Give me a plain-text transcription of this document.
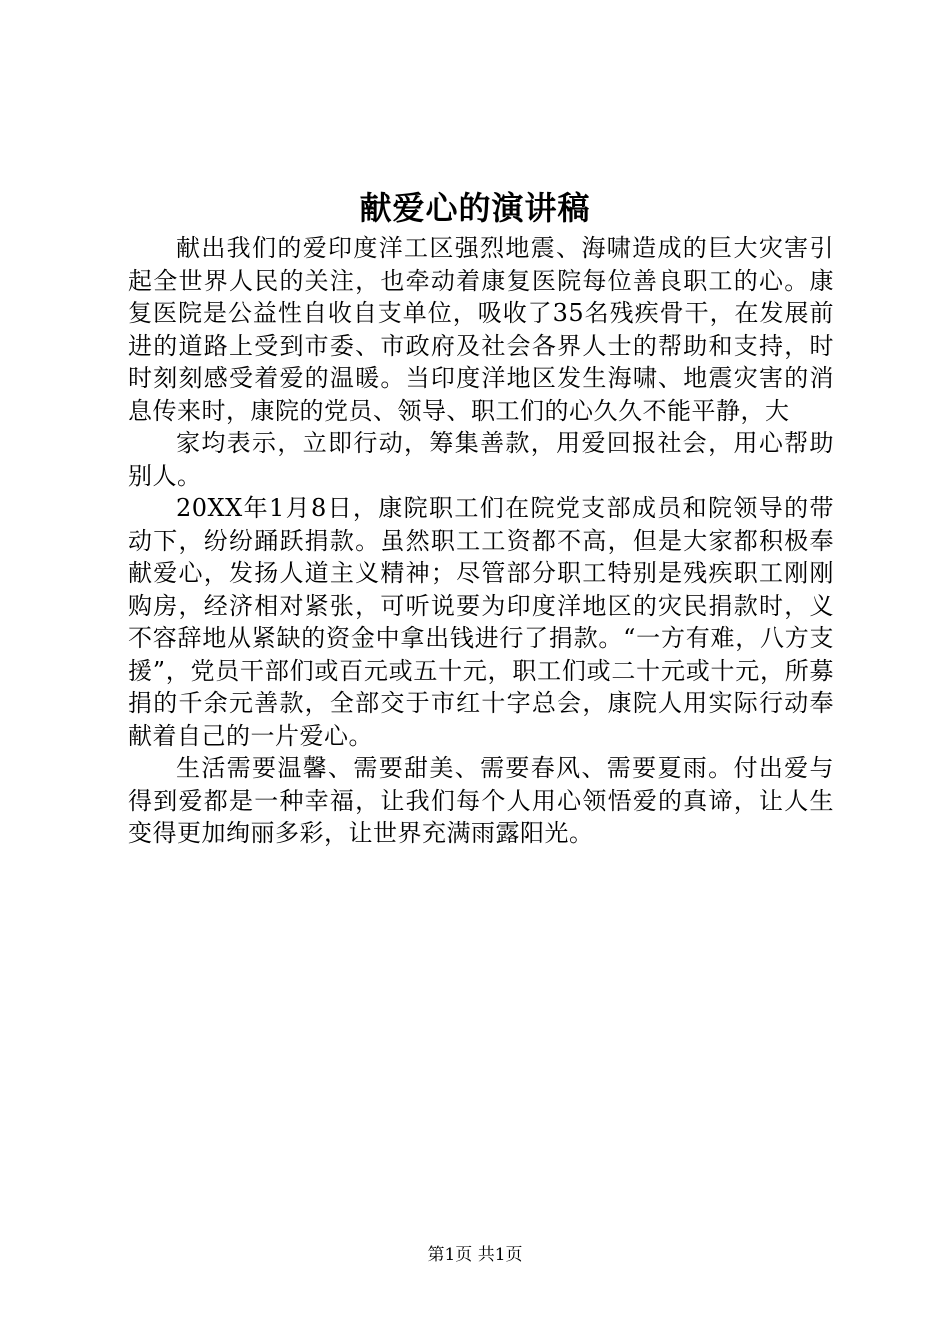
献爱心的演讲稿

献出我们的爱印度洋工区强烈地震、海啸造成的巨大灾害引起全世界人民的关注，也牵动着康复医院每位善良职工的心。康复医院是公益性自收自支单位，吸收了35名残疾骨干，在发展前进的道路上受到市委、市政府及社会各界人士的帮助和支持，时时刻刻感受着爱的温暖。当印度洋地区发生海啸、地震灾害的消息传来时，康院的党员、领导、职工们的心久久不能平静，大

家均表示，立即行动，筹集善款，用爱回报社会，用心帮助别人。

20XX年1月8日，康院职工们在院党支部成员和院领导的带动下，纷纷踊跃捐款。虽然职工工资都不高，但是大家都积极奉献爱心，发扬人道主义精神；尽管部分职工特别是残疾职工刚刚购房，经济相对紧张，可听说要为印度洋地区的灾民捐款时，义不容辞地从紧缺的资金中拿出钱进行了捐款。“一方有难，八方支援”，党员干部们或百元或五十元，职工们或二十元或十元，所募捐的千余元善款，全部交于市红十字总会，康院人用实际行动奉献着自己的一片爱心。

生活需要温馨、需要甜美、需要春风、需要夏雨。付出爱与得到爱都是一种幸福，让我们每个人用心领悟爱的真谛，让人生变得更加绚丽多彩，让世界充满雨露阳光。

第1页 共1页
